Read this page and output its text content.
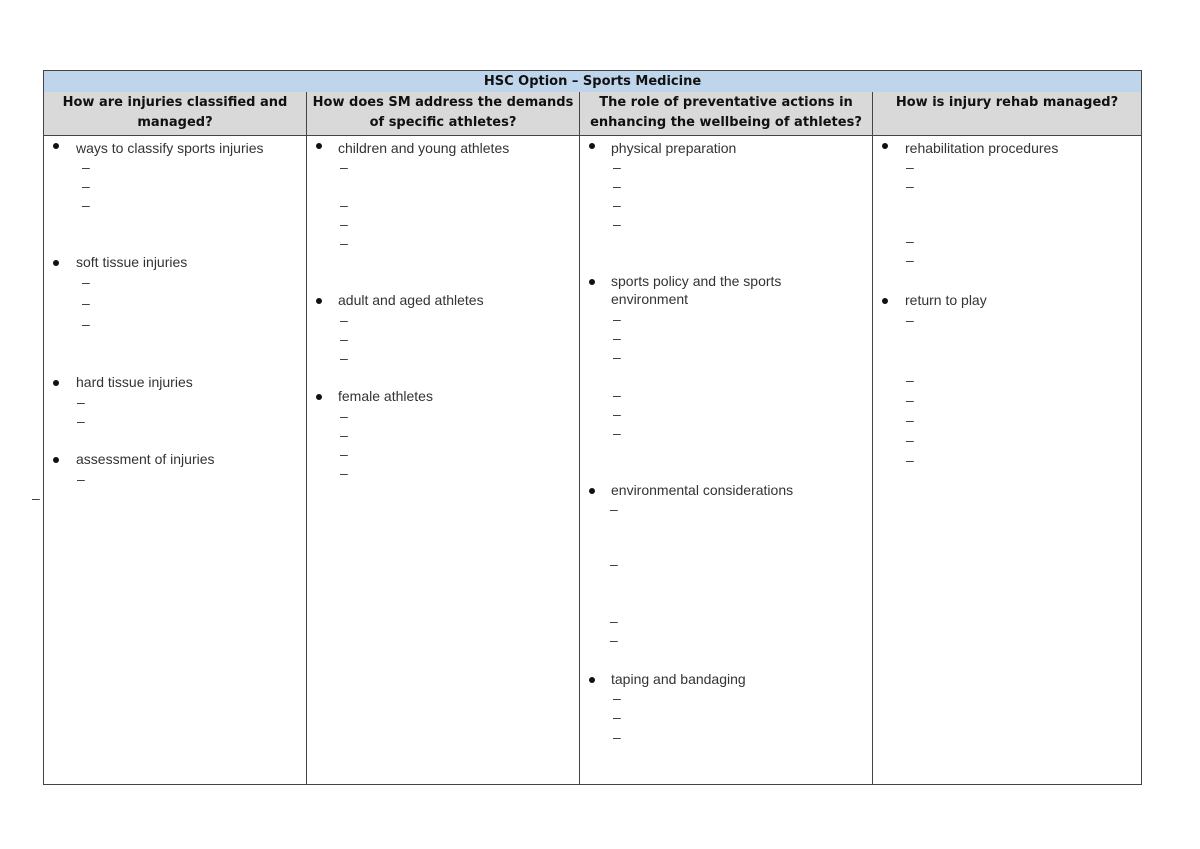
HSC Option – Sports Medicine
How are injuries classified and managed?
How does SM address the demands of specific athletes?
The role of preventative actions in enhancing the wellbeing of athletes?
How is injury rehab managed?
ways to classify sports injuries
–
–
–
soft tissue injuries
–
–
–
hard tissue injuries
–
–
assessment of injuries
–
children and young athletes
–
–
–
–
adult and aged athletes
–
–
–
female athletes
–
–
–
–
physical preparation
–
–
–
–
sports policy and the sports
environment
–
–
–
–
–
–
environmental considerations
–
–
–
–
taping and bandaging
–
–
–
rehabilitation procedures
–
–
–
–
return to play
–
–
–
–
–
–
–
